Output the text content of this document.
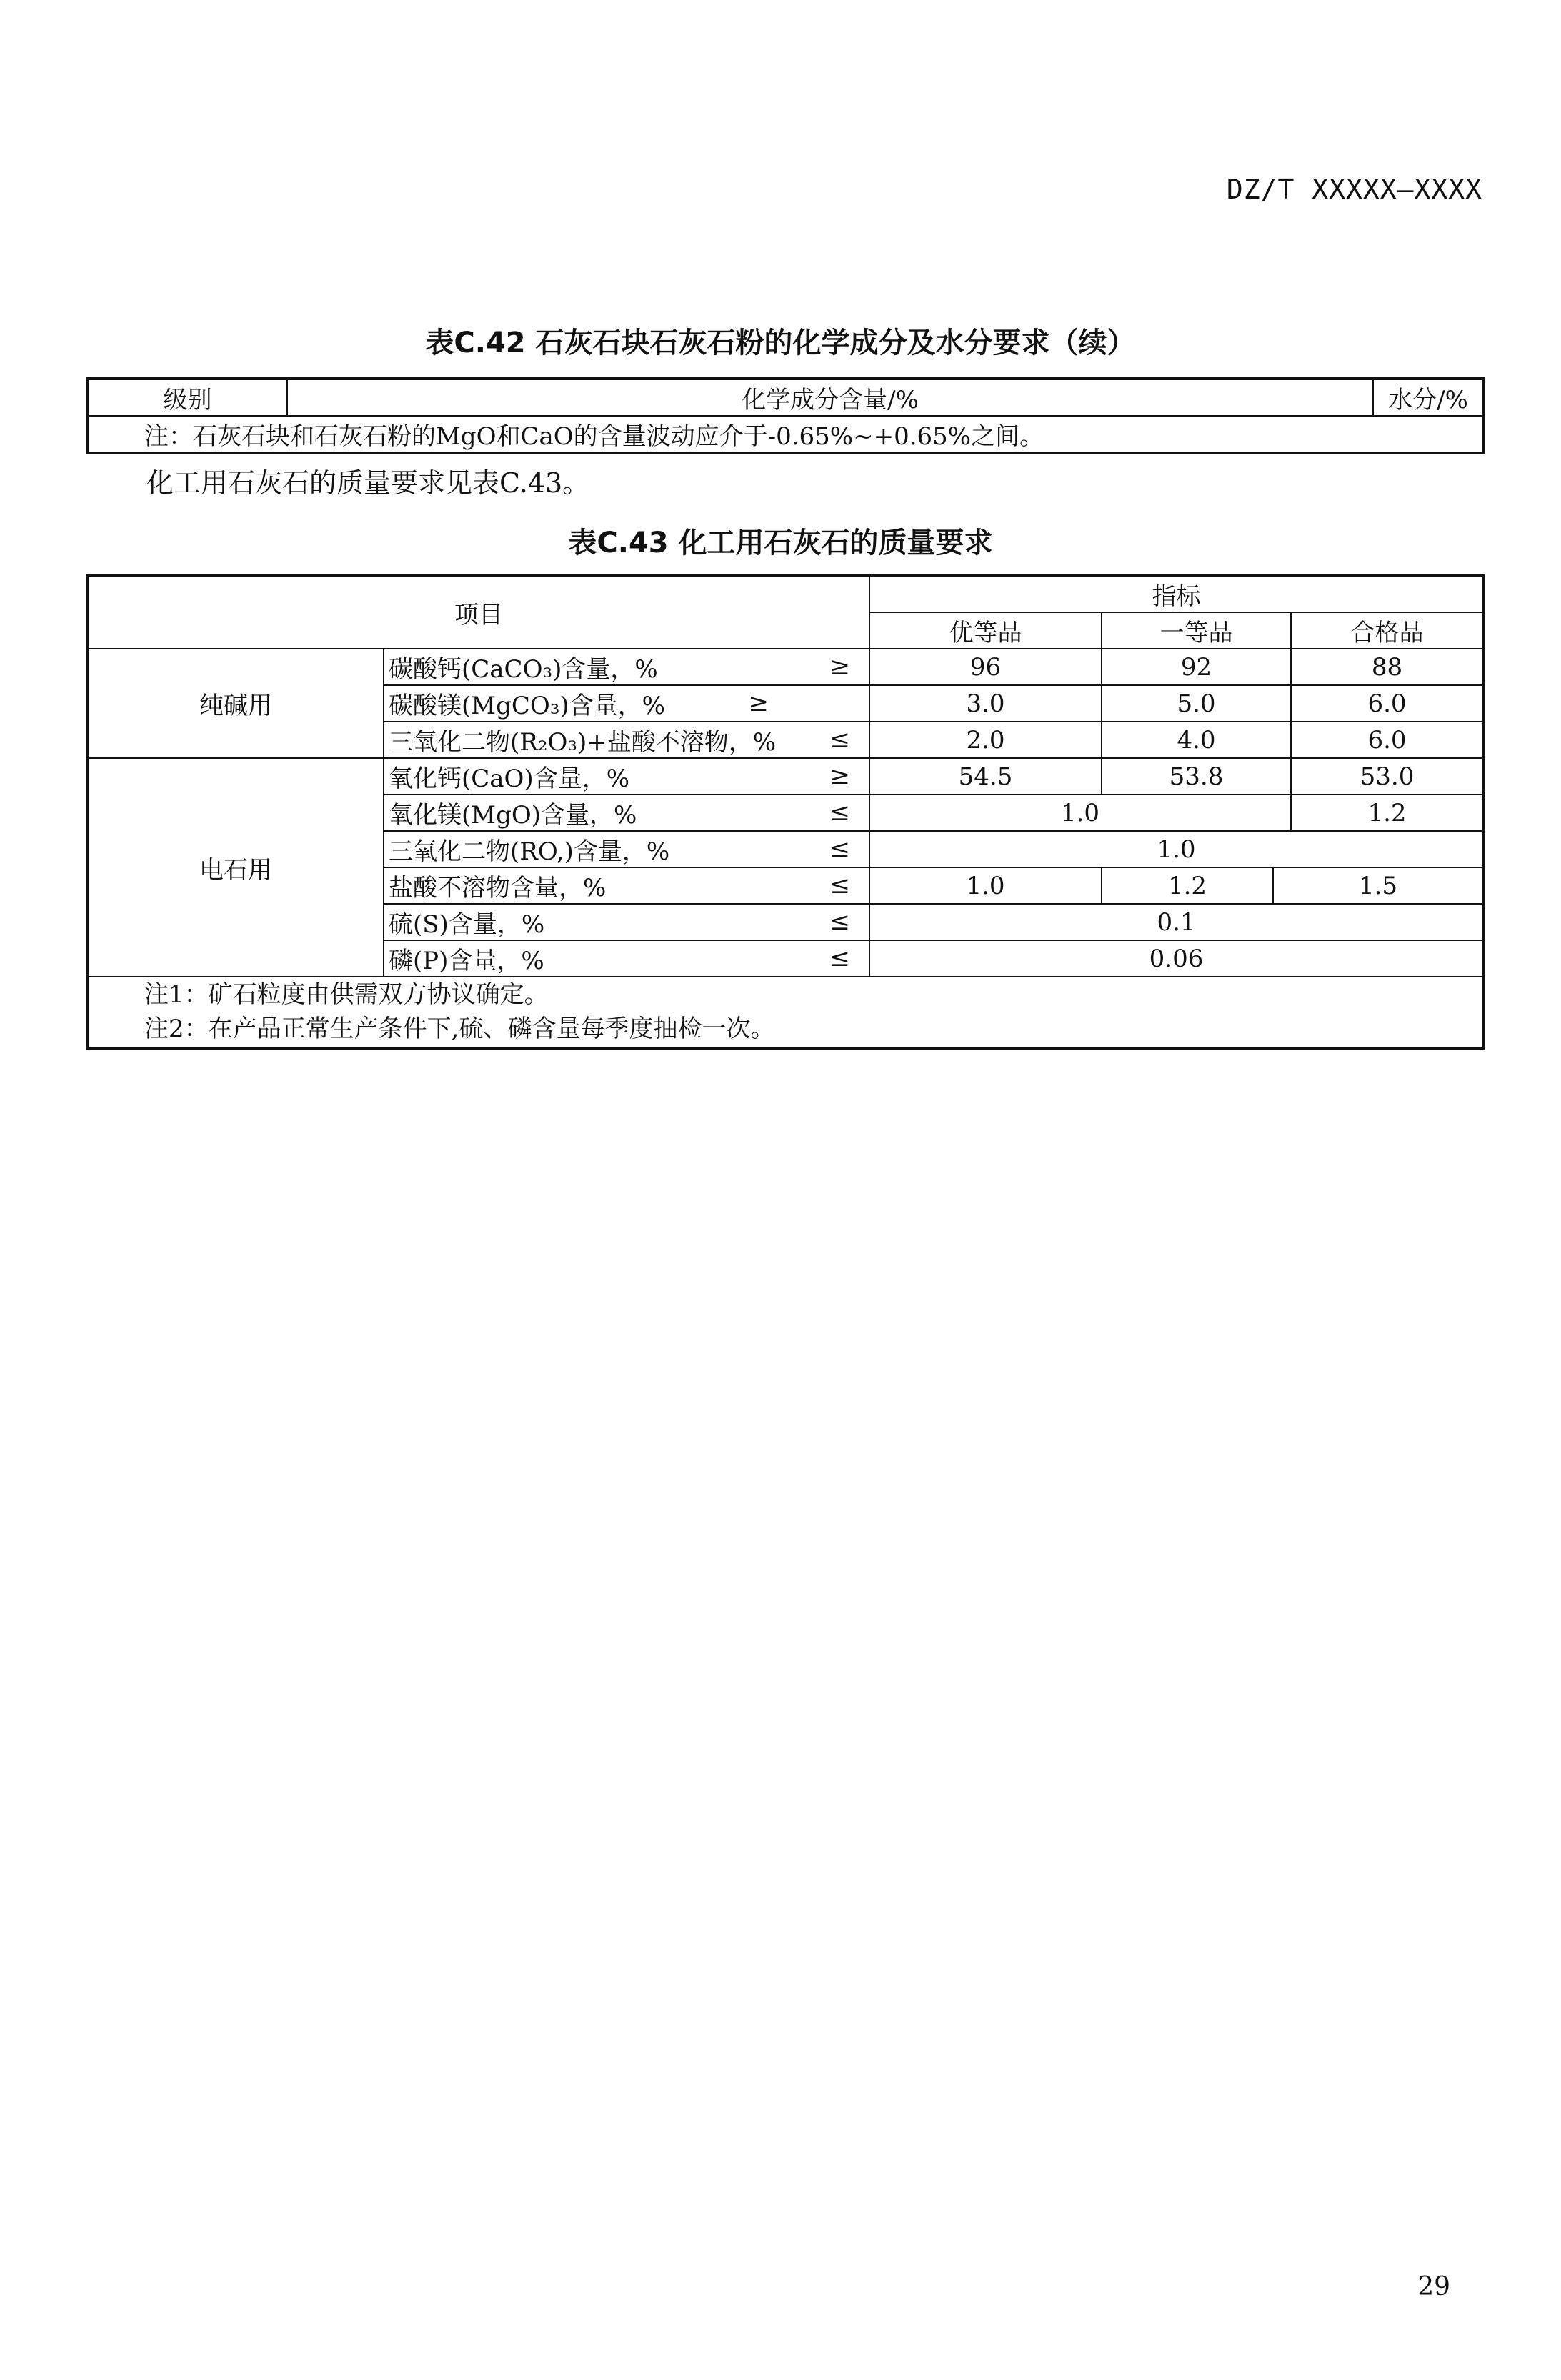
DZ/T XXXXX—XXXX
表C.42 石灰石块石灰石粉的化学成分及水分要求（续）
级别	化学成分含量/%	水分/%
注：石灰石块和石灰石粉的MgO和CaO的含量波动应介于-0.65%~+0.65%之间。
化工用石灰石的质量要求见表C.43。
表C.43 化工用石灰石的质量要求
项目		指标			
		优等品	一等品		合格品
纯碱用	碳酸钙(CaCO₃)含量，% ≥	96	92		88
	碳酸镁(MgCO₃)含量，% ≥	3.0	5.0		6.0
	三氧化二物(R₂O₃)+盐酸不溶物，% ≤	2.0	4.0		6.0
电石用	氧化钙(CaO)含量，% ≥	54.5	53.8		53.0
	氧化镁(MgO)含量，% ≤	1.0			1.2
	三氧化二物(RO,)含量，% ≤	1.0			
	盐酸不溶物含量，% ≤	1.0	1.2	1.5	
	硫(S)含量，% ≤	0.1			
	磷(P)含量，% ≤	0.06			

注1：矿石粒度由供需双方协议确定。
注2：在产品正常生产条件下,硫、磷含量每季度抽检一次。					
29
